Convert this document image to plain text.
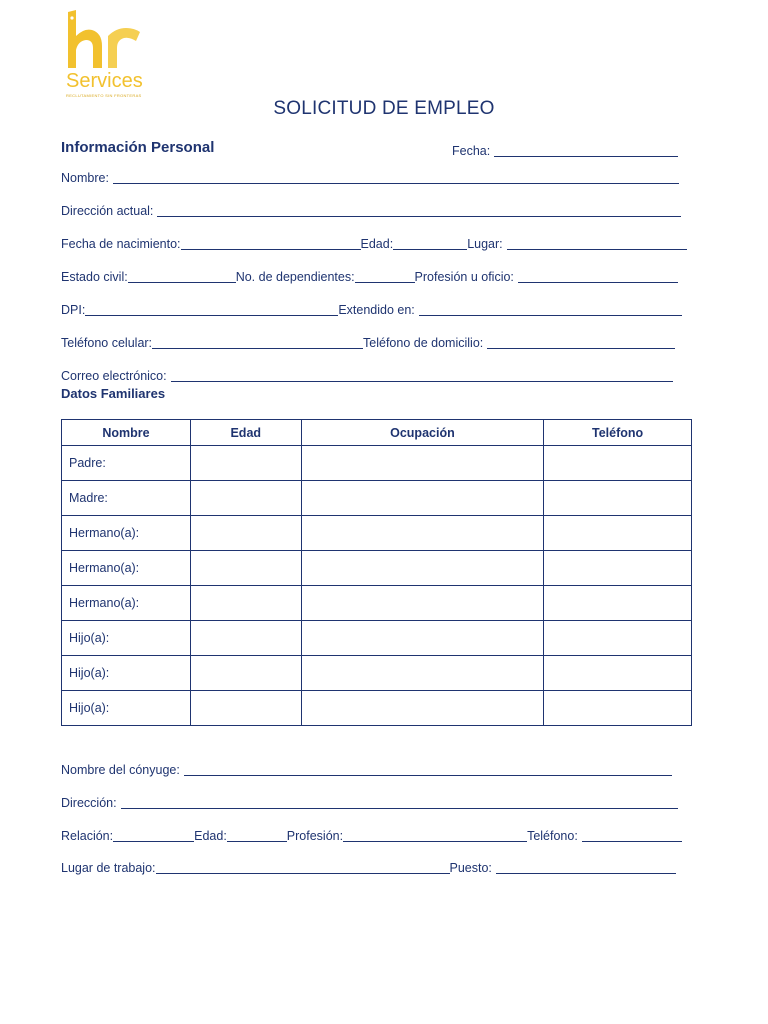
Services
RECLUTAMIENTO SIN FRONTERAS
SOLICITUD DE EMPLEO
Información Personal	Fecha:
Nombre:
Dirección actual:
Fecha de nacimiento:	Edad:	Lugar:
Estado civil:	No. de dependientes:	Profesión u oficio:
DPI:	Extendido en:
Teléfono celular:	Teléfono de domicilio:
Correo electrónico:
Datos Familiares
Nombre	Edad	Ocupación	Teléfono
Padre:			
Madre:			
Hermano(a):			
Hermano(a):			
Hermano(a):			
Hijo(a):			
Hijo(a):			
Hijo(a):			
Nombre del cónyuge:
Dirección:
Relación:	Edad:	Profesión:	Teléfono:
Lugar de trabajo:	Puesto:
